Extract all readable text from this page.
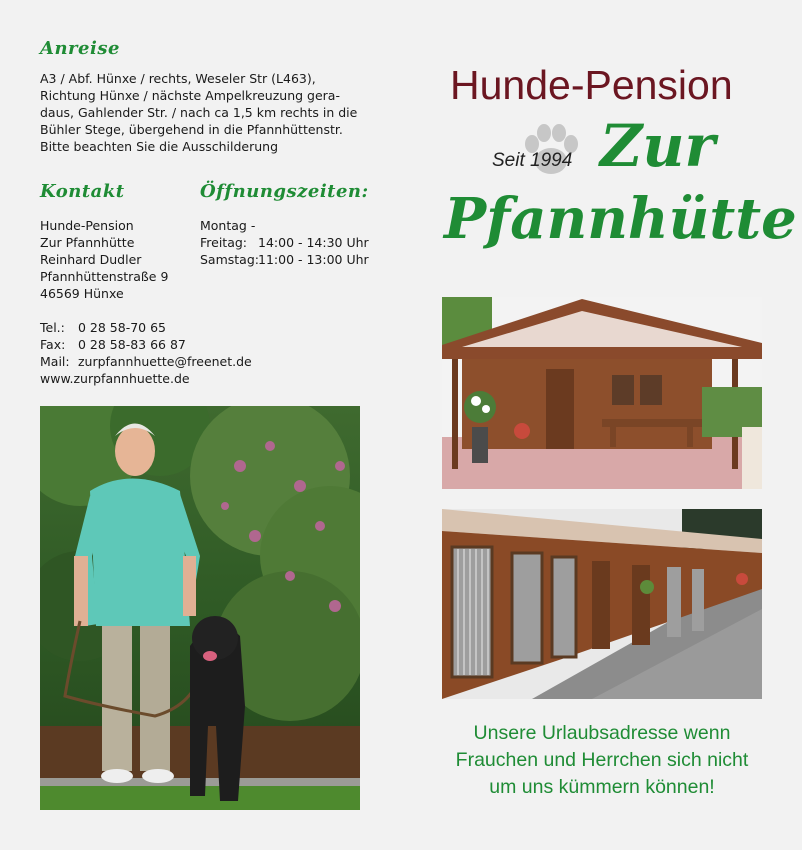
Anreise
A3 / Abf. Hünxe / rechts, Weseler Str (L463),
Richtung Hünxe / nächste Ampelkreuzung gera-
daus, Gahlender Str. / nach ca 1,5 km rechts in die
Bühler Stege, übergehend in die Pfannhüttenstr.
Bitte beachten Sie die Ausschilderung
Kontakt
Hunde-Pension
Zur Pfannhütte
Reinhard Dudler
Pfannhüttenstraße 9
46569 Hünxe
Öffnungszeiten:
Montag -
Freitag: 14:00 - 14:30 Uhr
Samstag: 11:00 - 13:00 Uhr
Tel.:	0 28 58-70 65
Fax:	0 28 58-83 66 87
Mail: zurpfannhuette@freenet.de
www.zurpfannhuette.de
Hunde-Pension
Seit 1994 Zur
Pfannhütte
Unsere Urlaubsadresse wenn
Frauchen und Herrchen sich nicht
um uns kümmern können!
